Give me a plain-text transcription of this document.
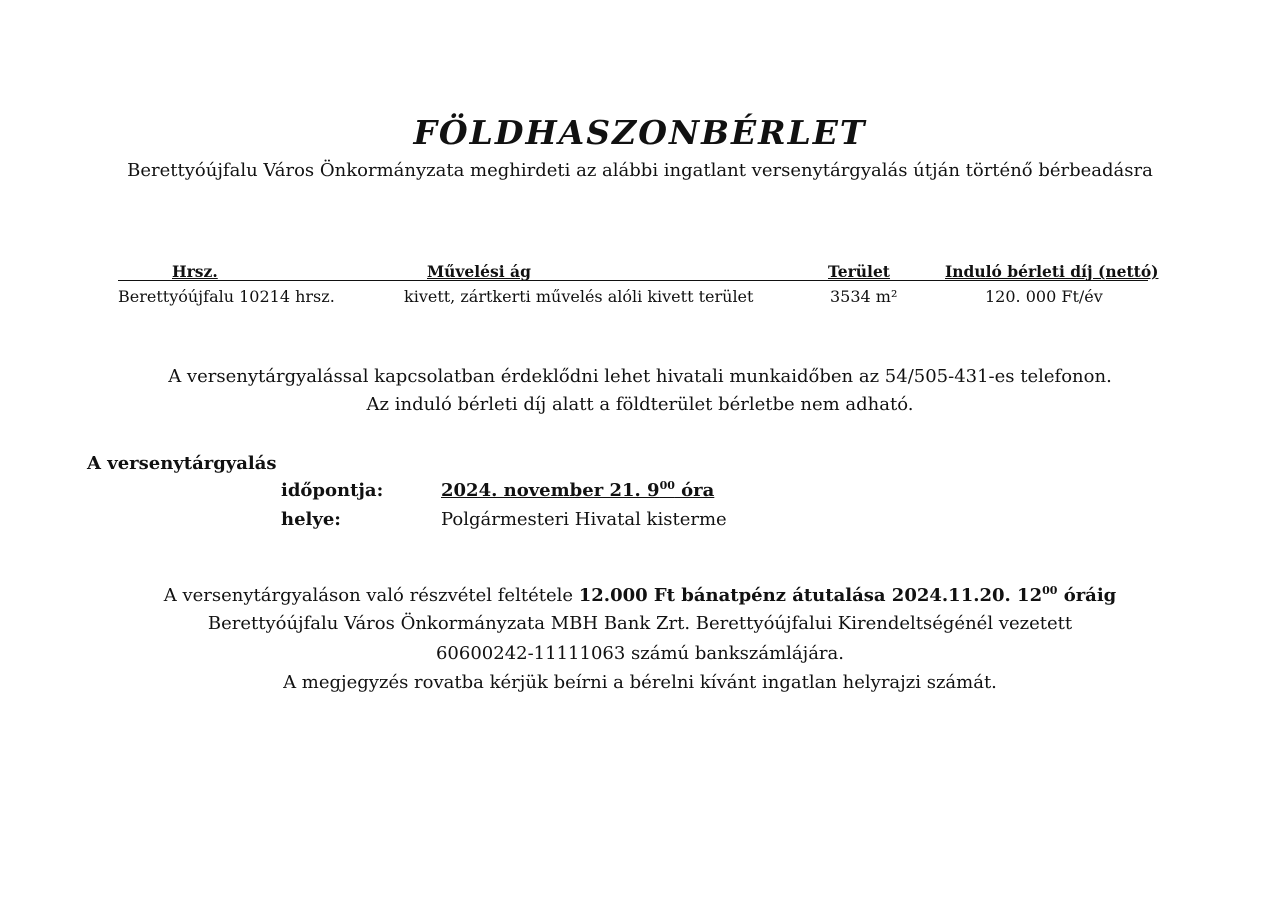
FÖLDHASZONBÉRLET
Berettyóújfalu Város Önkormányzata meghirdeti az alábbi ingatlant versenytárgyalás útján történő bérbeadásra
Hrsz.	Művelési ág	Terület	Induló bérleti díj (nettó)
Berettyóújfalu 10214 hrsz.	kivett, zártkerti művelés alóli kivett terület	3534 m²	120. 000 Ft/év
A versenytárgyalással kapcsolatban érdeklődni lehet hivatali munkaidőben az 54/505-431-es telefonon.
Az induló bérleti díj alatt a földterület bérletbe nem adható.
A versenytárgyalás
időpontja:	2024. november 21. $9^{00}$ óra
helye:	Polgármesteri Hivatal kisterme
A versenytárgyaláson való részvétel feltétele 12.000 Ft bánatpénz átutalása 2024.11.20. $12^{00}$ óráig
Berettyóújfalu Város Önkormányzata MBH Bank Zrt. Berettyóújfalui Kirendeltségénél vezetett
60600242-11111063 számú bankszámlájára.
A megjegyzés rovatba kérjük beírni a bérelni kívánt ingatlan helyrajzi számát.
